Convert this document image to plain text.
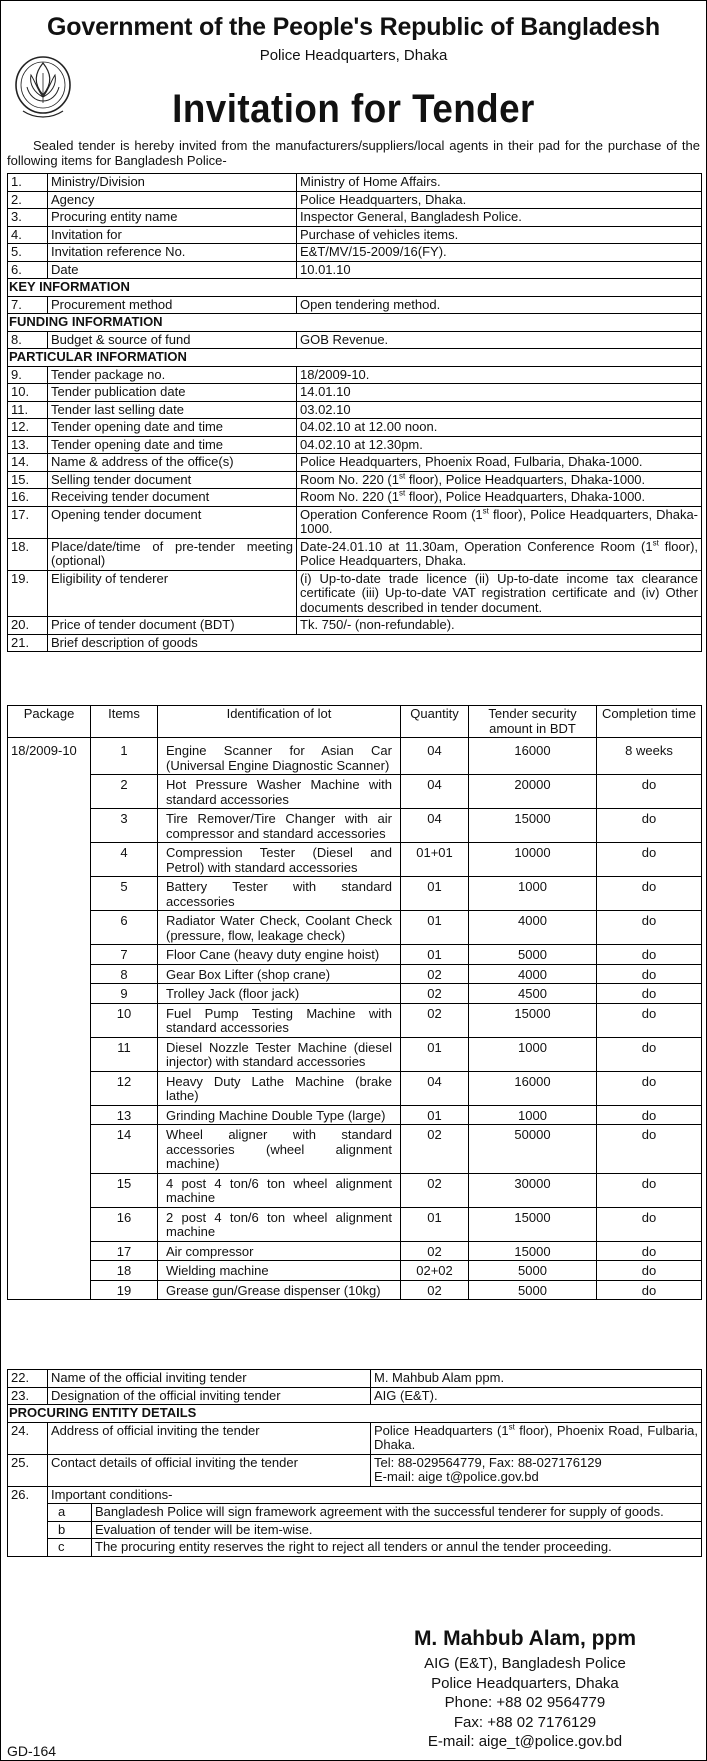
Government of the People's Republic of Bangladesh
Police Headquarters, Dhaka
Invitation for Tender
Sealed tender is hereby invited from the manufacturers/suppliers/local agents in their pad for the purchase of the following items for Bangladesh Police-
1.	Ministry/Division	Ministry of Home Affairs.
2.	Agency	Police Headquarters, Dhaka.
3.	Procuring entity name	Inspector General, Bangladesh Police.
4.	Invitation for	Purchase of vehicles items.
5.	Invitation reference No.	E&T/MV/15-2009/16(FY).
6.	Date	10.01.10
KEY INFORMATION		
7.	Procurement method	Open tendering method.
FUNDING INFORMATION		
8.	Budget & source of fund	GOB Revenue.
PARTICULAR INFORMATION		
9.	Tender package no.	18/2009-10.
10.	Tender publication date	14.01.10
11.	Tender last selling date	03.02.10
12.	Tender opening date and time	04.02.10 at 12.00 noon.
13.	Tender opening date and time	04.02.10 at 12.30pm.
14.	Name & address of the office(s)	Police Headquarters, Phoenix Road, Fulbaria, Dhaka-1000.
15.	Selling tender document	Room No. 220 (1st floor), Police Headquarters, Dhaka-1000.
16.	Receiving tender document	Room No. 220 (1st floor), Police Headquarters, Dhaka-1000.
17.	Opening tender document	Operation Conference Room (1st floor), Police Headquarters, Dhaka-1000.
18.	Place/date/time of pre-tender meeting (optional)	Date-24.01.10 at 11.30am, Operation Conference Room (1st floor), Police Headquarters, Dhaka.
19.	Eligibility of tenderer	(i) Up-to-date trade licence (ii) Up-to-date income tax clearance certificate (iii) Up-to-date VAT registration certificate and (iv) Other documents described in tender document.
20.	Price of tender document (BDT)	Tk. 750/- (non-refundable).
21.	Brief description of goods	
Package	Items	Identification of lot	Quantity	Tender security amount in BDT	Completion time
18/2009-10	1	Engine Scanner for Asian Car (Universal Engine Diagnostic Scanner)	04	16000	8 weeks
	2	Hot Pressure Washer Machine with standard accessories	04	20000	do
	3	Tire Remover/Tire Changer with air compressor and standard accessories	04	15000	do
	4	Compression Tester (Diesel and Petrol) with standard accessories	01+01	10000	do
	5	Battery Tester with standard accessories	01	1000	do
	6	Radiator Water Check, Coolant Check (pressure, flow, leakage check)	01	4000	do
	7	Floor Cane (heavy duty engine hoist)	01	5000	do
	8	Gear Box Lifter (shop crane)	02	4000	do
	9	Trolley Jack (floor jack)	02	4500	do
	10	Fuel Pump Testing Machine with standard accessories	02	15000	do
	11	Diesel Nozzle Tester Machine (diesel injector) with standard accessories	01	1000	do
	12	Heavy Duty Lathe Machine (brake lathe)	04	16000	do
	13	Grinding Machine Double Type (large)	01	1000	do
	14	Wheel aligner with standard accessories (wheel alignment machine)	02	50000	do
	15	4 post 4 ton/6 ton wheel alignment machine	02	30000	do
	16	2 post 4 ton/6 ton wheel alignment machine	01	15000	do
	17	Air compressor	02	15000	do
	18	Wielding machine	02+02	5000	do
	19	Grease gun/Grease dispenser (10kg)	02	5000	do
22.	Name of the official inviting tender		M. Mahbub Alam ppm.
23.	Designation of the official inviting tender		AIG (E&T).
PROCURING ENTITY DETAILS			
24.	Address of official inviting the tender		Police Headquarters (1st floor), Phoenix Road, Fulbaria, Dhaka.
25.	Contact details of official inviting the tender		Tel: 88-029564779, Fax: 88-027176129
E-mail: aige t@police.gov.bd

26.	Important conditions-		
	a	Bangladesh Police will sign framework agreement with the successful tenderer for supply of goods.	
	b	Evaluation of tender will be item-wise.	
	c	The procuring entity reserves the right to reject all tenders or annul the tender proceeding.	
M. Mahbub Alam, ppm
AIG (E&T), Bangladesh Police
Police Headquarters, Dhaka
Phone: +88 02 9564779
Fax: +88 02 7176129
E-mail: aige_t@police.gov.bd
GD-164
